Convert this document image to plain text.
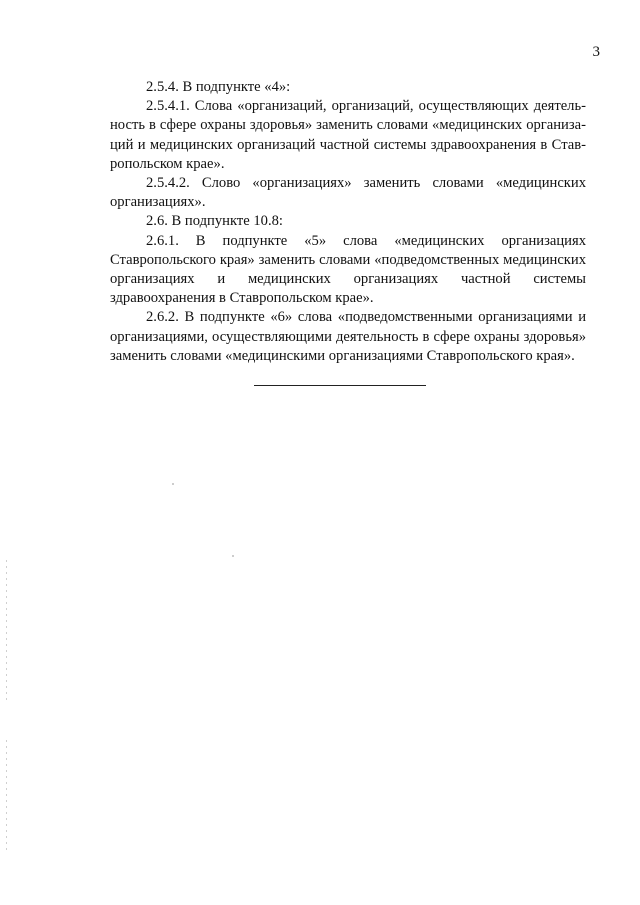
3

2.5.4. В подпункте «4»:

2.5.4.1. Слова «организаций, организаций, осуществляющих деятельность в сфере охраны здоровья» заменить словами «медицинских организаций и медицинских организаций частной системы здравоохранения в Ставропольском крае».

2.5.4.2. Слово «организациях» заменить словами «медицинских организациях».

2.6. В подпункте 10.8:

2.6.1. В подпункте «5» слова «медицинских организациях Ставропольского края» заменить словами «подведомственных медицинских организациях и медицинских организациях частной системы здравоохранения в Ставропольском крае».

2.6.2. В подпункте «6» слова «подведомственными организациями и организациями, осуществляющими деятельность в сфере охраны здоровья» заменить словами «медицинскими организациями Ставропольского края».
